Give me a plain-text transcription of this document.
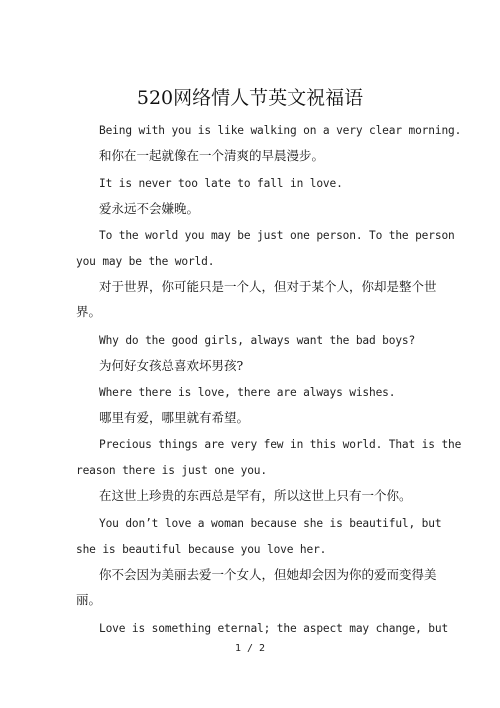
520网络情人节英文祝福语
Being with you is like walking on a very clear morning.
和你在一起就像在一个清爽的早晨漫步。
It is never too late to fall in love.
爱永远不会嫌晚。
To the world you may be just one person. To the person
you may be the world.
对于世界，你可能只是一个人，但对于某个人，你却是整个世
界。
Why do the good girls, always want the bad boys?
为何好女孩总喜欢坏男孩?
Where there is love, there are always wishes.
哪里有爱，哪里就有希望。
Precious things are very few in this world. That is the
reason there is just one you.
在这世上珍贵的东西总是罕有，所以这世上只有一个你。
You don’t love a woman because she is beautiful, but
she is beautiful because you love her.
你不会因为美丽去爱一个女人，但她却会因为你的爱而变得美
丽。
Love is something eternal; the aspect may change, but
1 / 2
